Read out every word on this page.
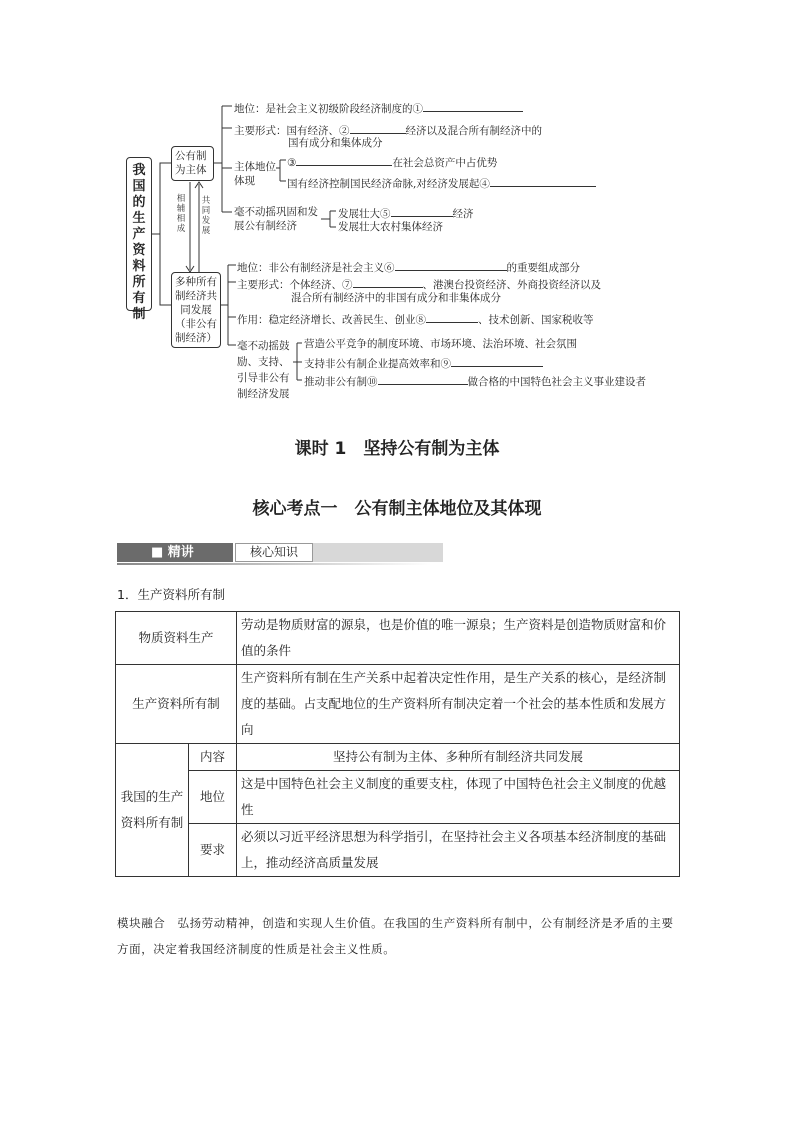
我国的生产资料所有制
公有制为主体
相辅相成
共同发展
多种所有制经济共同发展（非公有制经济）
地位：是社会主义初级阶段经济制度的①
主要形式：国有经济、②	经济以及混合所有制经济中的
国有成分和集体成分
主体地位体现
③	在社会总资产中占优势
国有经济控制国民经济命脉,对经济发展起④
毫不动摇巩固和发展公有制经济
发展壮大⑤	经济
发展壮大农村集体经济
地位：非公有制经济是社会主义⑥	的重要组成部分
主要形式：个体经济、⑦	、港澳台投资经济、外商投资经济以及
混合所有制经济中的非国有成分和非集体成分
作用：稳定经济增长、改善民生、创业⑧	、技术创新、国家税收等
毫不动摇鼓励、支持、引导非公有制经济发展
营造公平竞争的制度环境、市场环境、法治环境、社会氛围
支持非公有制企业提高效率和⑨
推动非公有制⑩	做合格的中国特色社会主义事业建设者
课时 1　坚持公有制为主体
核心考点一　公有制主体地位及其体现
■ 精讲	核心知识
1．生产资料所有制
物质资料生产		劳动是物质财富的源泉，也是价值的唯一源泉；生产资料是创造物质财富和价值的条件
生产资料所有制		生产资料所有制在生产关系中起着决定性作用，是生产关系的核心，是经济制度的基础。占支配地位的生产资料所有制决定着一个社会的基本性质和发展方向
我国的生产资料所有制	内容	坚持公有制为主体、多种所有制经济共同发展
	地位	这是中国特色社会主义制度的重要支柱，体现了中国特色社会主义制度的优越性
	要求	必须以习近平经济思想为科学指引，在坚持社会主义各项基本经济制度的基础上，推动经济高质量发展
模块融合　弘扬劳动精神，创造和实现人生价值。在我国的生产资料所有制中，公有制经济是矛盾的主要方面，决定着我国经济制度的性质是社会主义性质。
